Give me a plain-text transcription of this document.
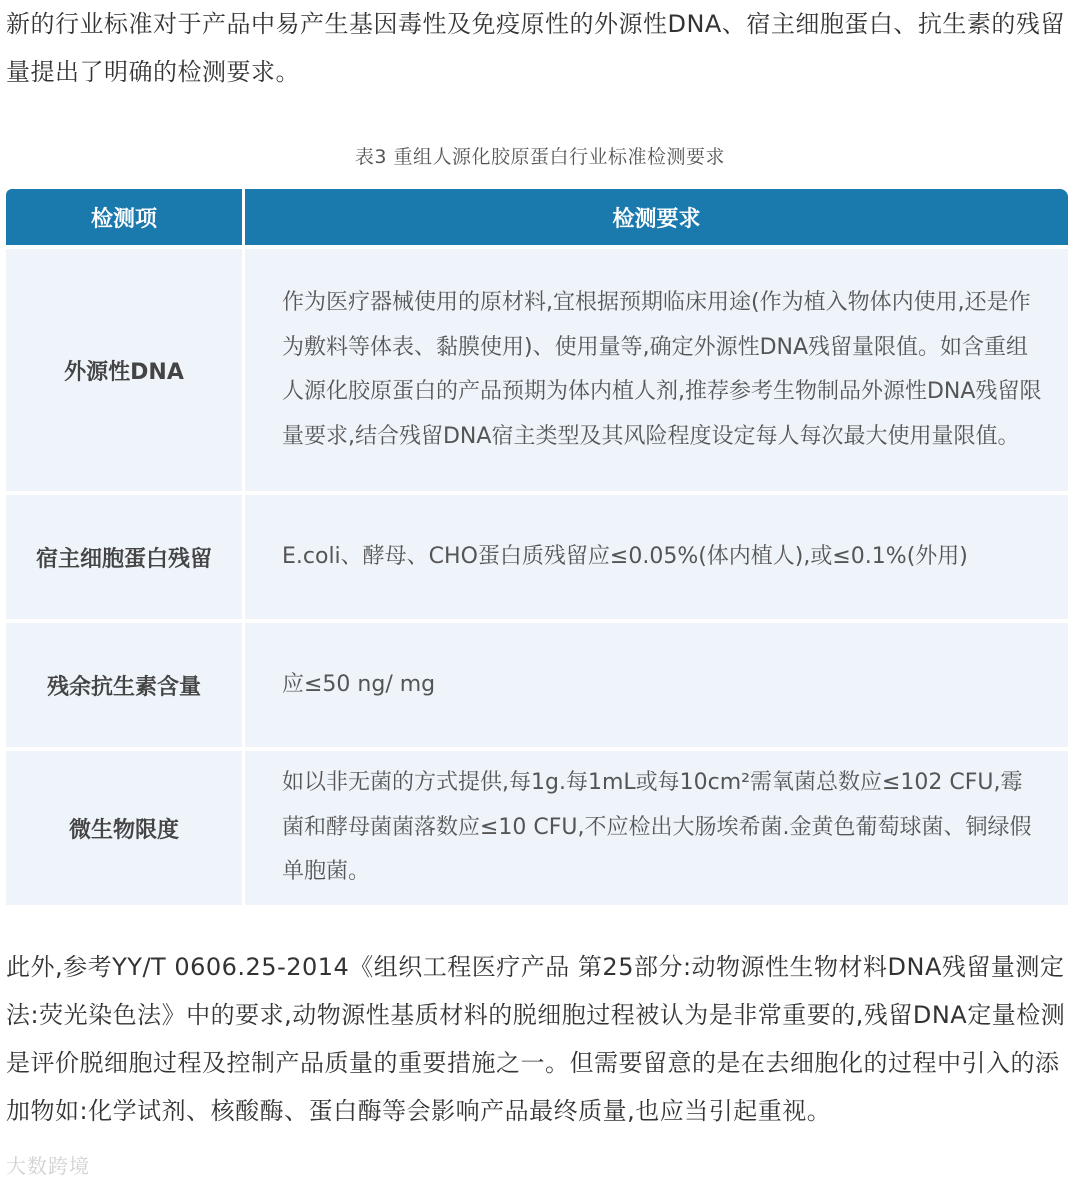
新的行业标准对于产品中易产生基因毒性及免疫原性的外源性DNA、宿主细胞蛋白、抗生素的残留量提出了明确的检测要求。

表3 重组人源化胶原蛋白行业标准检测要求
检测项	检测要求
外源性DNA	作为医疗器械使用的原材料,宜根据预期临床用途(作为植入物体内使用,还是作为敷料等体表、黏膜使用)、使用量等,确定外源性DNA残留量限值。如含重组人源化胶原蛋白的产品预期为体内植人剂,推荐参考生物制品外源性DNA残留限量要求,结合残留DNA宿主类型及其风险程度设定每人每次最大使用量限值。

宿主细胞蛋白残留	E.coli、酵母、CHO蛋白质残留应≤0.05%(体内植人),或≤0.1%(外用)

残余抗生素含量	应≤50 ng/ mg

微生物限度	如以非无菌的方式提供,每1g.每1mL或每10cm²需氧菌总数应≤102 CFU,霉菌和酵母菌菌落数应≤10 CFU,不应检出大肠埃希菌.金黄色葡萄球菌、铜绿假单胞菌。

此外,参考YY/T 0606.25-2014《组织工程医疗产品 第25部分:动物源性生物材料DNA残留量测定法:荧光染色法》中的要求,动物源性基质材料的脱细胞过程被认为是非常重要的,残留DNA定量检测是评价脱细胞过程及控制产品质量的重要措施之一。但需要留意的是在去细胞化的过程中引入的添加物如:化学试剂、核酸酶、蛋白酶等会影响产品最终质量,也应当引起重视。

大数跨境
